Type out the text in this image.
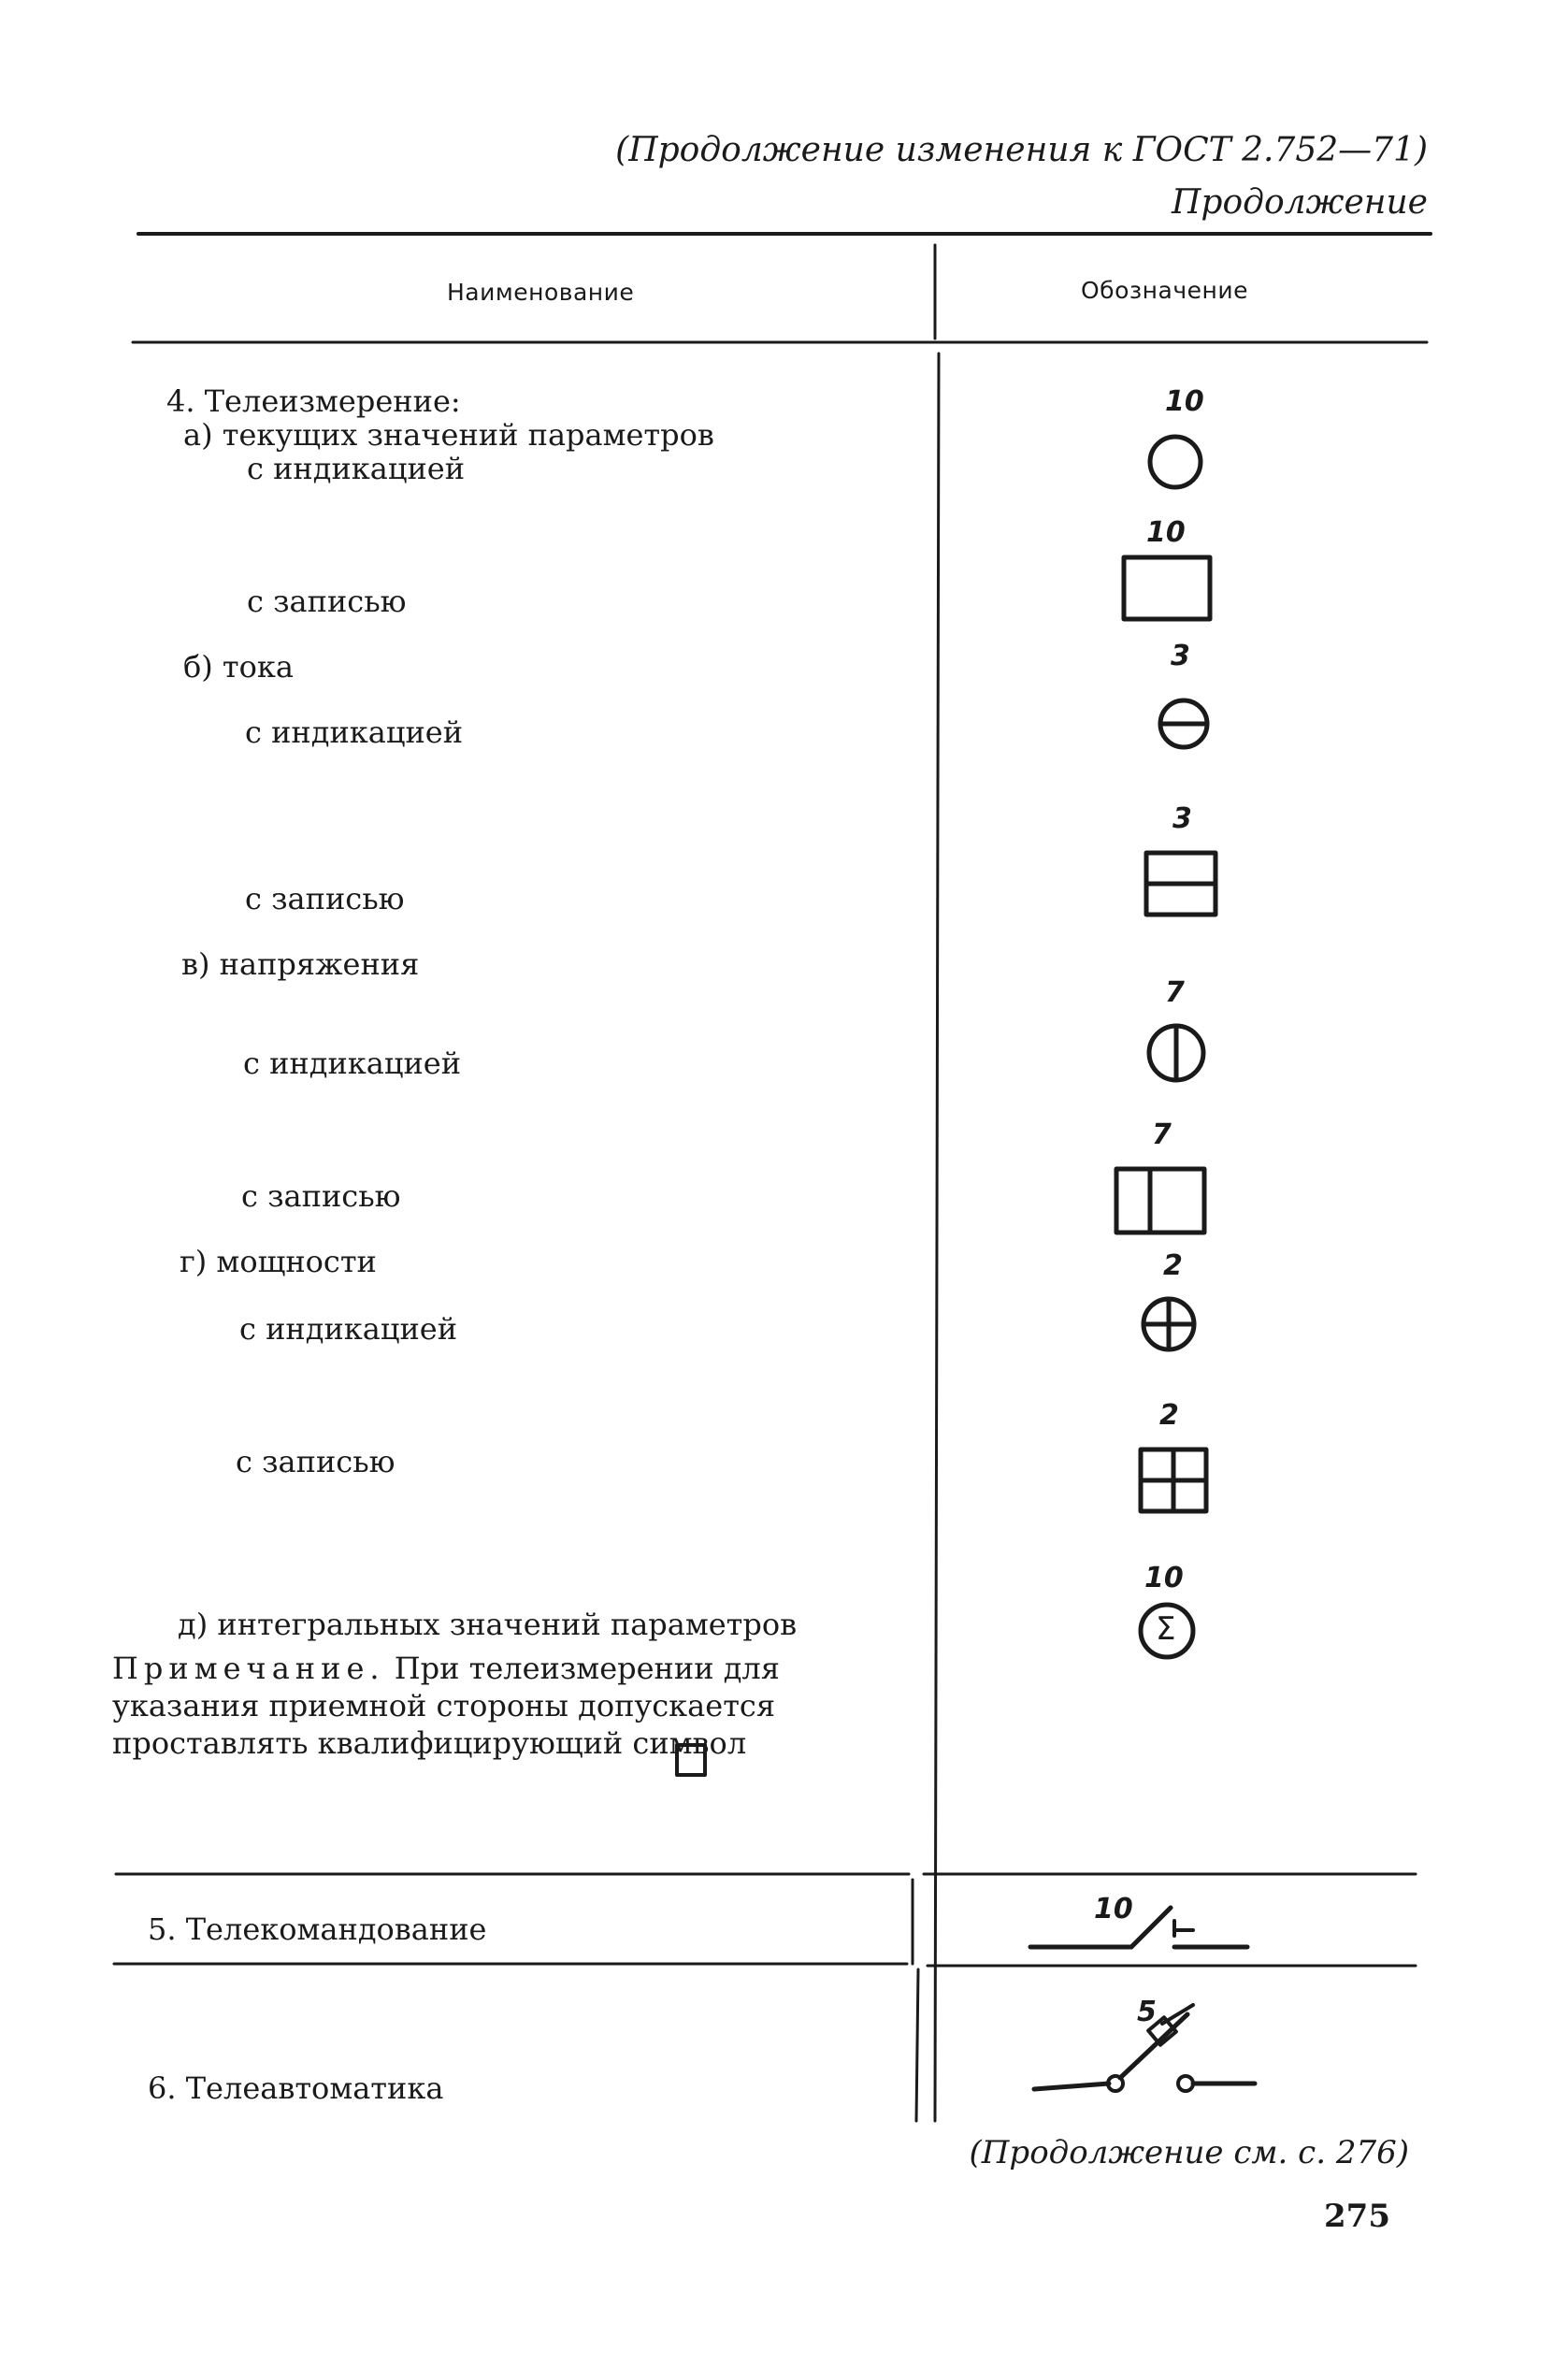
(Продолжение изменения к ГОСТ 2.752—71)
Продолжение
Наименование	Обозначение
4. Телеизмерение:
а) текущих значений параметров
с индикацией
с записью
б) тока
с индикацией
с записью
в) напряжения
с индикацией
с записью
г) мощности
с индикацией
с записью
д) интегральных значений параметров
Примечание. При телеизмерении для указания приемной стороны допускается проставлять квалифицирующий символ
5. Телекомандование
6. Телеавтоматика
10
10
3
3
7
7
2
2
10
Σ
10
5
(Продолжение см. с. 276)
275
